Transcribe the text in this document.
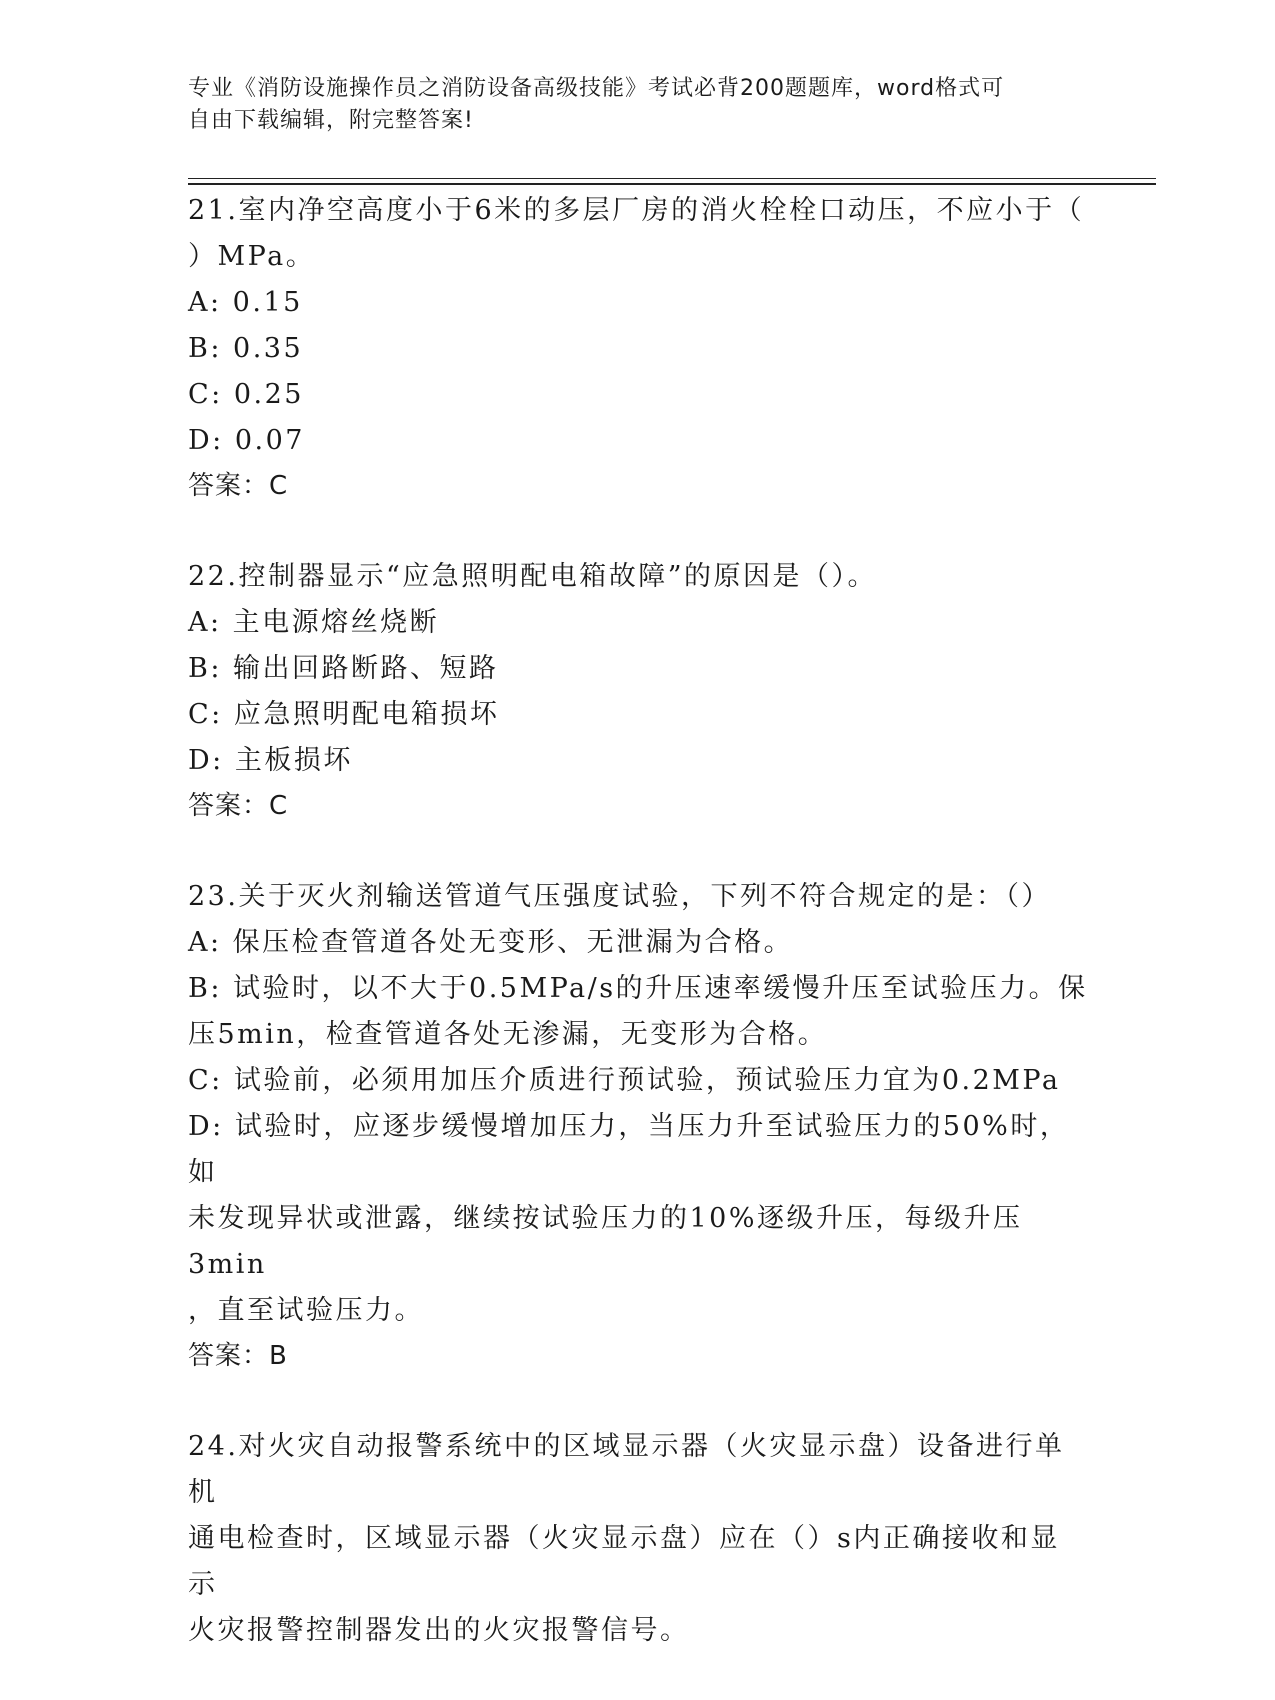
专业《消防设施操作员之消防设备高级技能》考试必背200题题库，word格式可
自由下载编辑，附完整答案!
21.室内净空高度小于6米的多层厂房的消火栓栓口动压，不应小于（
）MPa。
A: 0.15
B: 0.35
C: 0.25
D: 0.07
答案：C
22.控制器显示“应急照明配电箱故障”的原因是（）。
A: 主电源熔丝烧断
B: 输出回路断路、短路
C: 应急照明配电箱损坏
D: 主板损坏
答案：C
23.关于灭火剂输送管道气压强度试验，下列不符合规定的是：（）
A: 保压检查管道各处无变形、无泄漏为合格。
B: 试验时，以不大于0.5MPa/s的升压速率缓慢升压至试验压力。保
压5min，检查管道各处无渗漏，无变形为合格。
C: 试验前，必须用加压介质进行预试验，预试验压力宜为0.2MPa
D: 试验时，应逐步缓慢增加压力，当压力升至试验压力的50%时，如
未发现异状或泄露，继续按试验压力的10%逐级升压，每级升压3min
，直至试验压力。
答案：B
24.对火灾自动报警系统中的区域显示器（火灾显示盘）设备进行单机
通电检查时，区域显示器（火灾显示盘）应在（）s内正确接收和显示
火灾报警控制器发出的火灾报警信号。
